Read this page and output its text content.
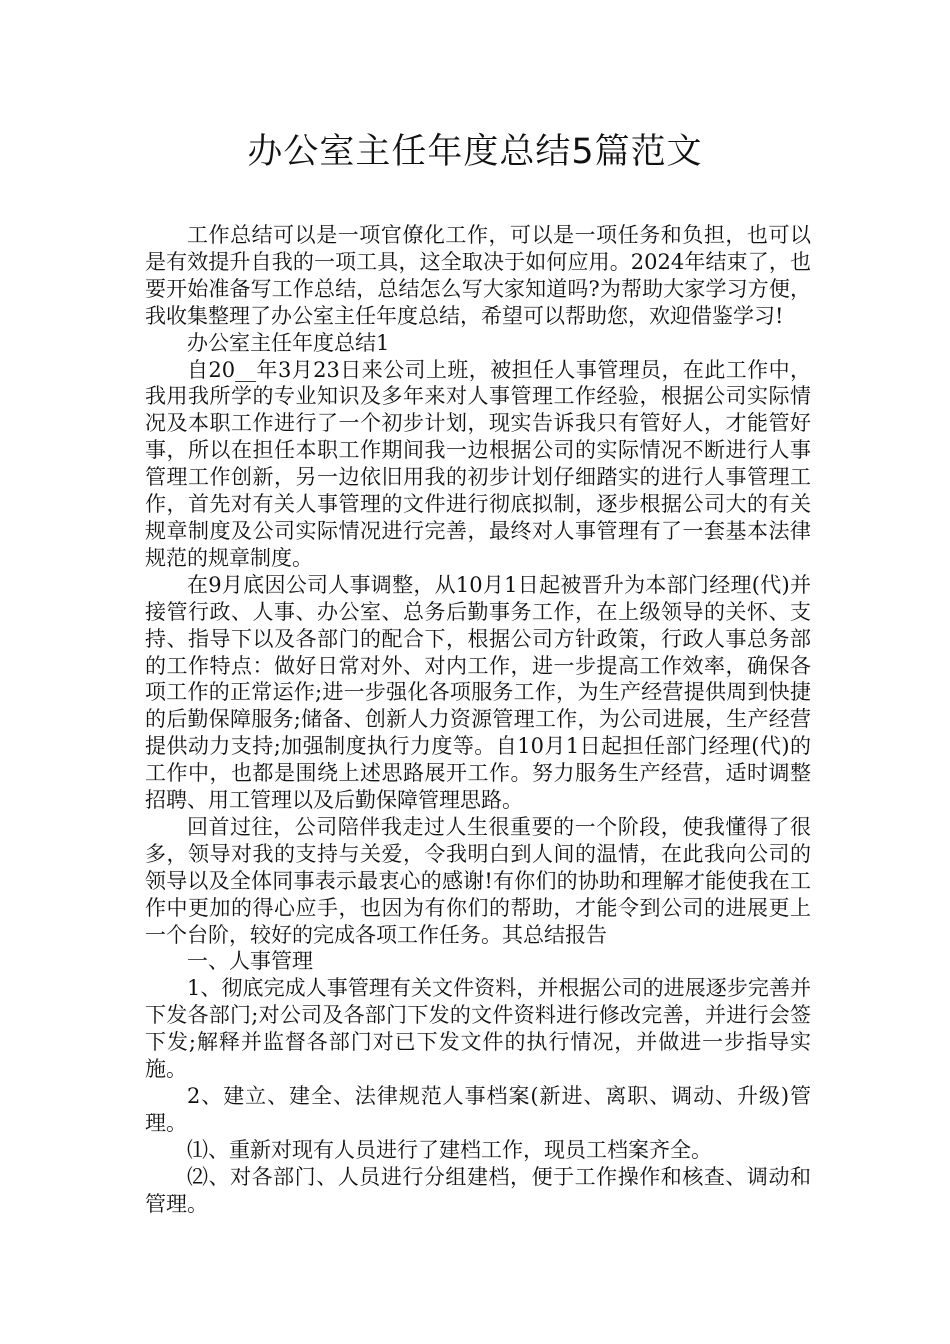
办公室主任年度总结5篇范文

工作总结可以是一项官僚化工作，可以是一项任务和负担，也可以是有效提升自我的一项工具，这全取决于如何应用。2024年结束了，也要开始准备写工作总结，总结怎么写大家知道吗?为帮助大家学习方便，我收集整理了办公室主任年度总结，希望可以帮助您，欢迎借鉴学习!

办公室主任年度总结1

自20__年3月23日来公司上班，被担任人事管理员，在此工作中，我用我所学的专业知识及多年来对人事管理工作经验，根据公司实际情况及本职工作进行了一个初步计划，现实告诉我只有管好人，才能管好事，所以在担任本职工作期间我一边根据公司的实际情况不断进行人事管理工作创新，另一边依旧用我的初步计划仔细踏实的进行人事管理工作，首先对有关人事管理的文件进行彻底拟制，逐步根据公司大的有关规章制度及公司实际情况进行完善，最终对人事管理有了一套基本法律规范的规章制度。

在9月底因公司人事调整，从10月1日起被晋升为本部门经理(代)并接管行政、人事、办公室、总务后勤事务工作，在上级领导的关怀、支持、指导下以及各部门的配合下，根据公司方针政策，行政人事总务部的工作特点：做好日常对外、对内工作，进一步提高工作效率，确保各项工作的正常运作;进一步强化各项服务工作，为生产经营提供周到快捷的后勤保障服务;储备、创新人力资源管理工作，为公司进展，生产经营提供动力支持;加强制度执行力度等。自10月1日起担任部门经理(代)的工作中，也都是围绕上述思路展开工作。努力服务生产经营，适时调整招聘、用工管理以及后勤保障管理思路。

回首过往，公司陪伴我走过人生很重要的一个阶段，使我懂得了很多，领导对我的支持与关爱，令我明白到人间的温情，在此我向公司的领导以及全体同事表示最衷心的感谢!有你们的协助和理解才能使我在工作中更加的得心应手，也因为有你们的帮助，才能令到公司的进展更上一个台阶，较好的完成各项工作任务。其总结报告

一、人事管理

1、彻底完成人事管理有关文件资料，并根据公司的进展逐步完善并下发各部门;对公司及各部门下发的文件资料进行修改完善，并进行会签下发;解释并监督各部门对已下发文件的执行情况，并做进一步指导实施。

2、建立、建全、法律规范人事档案(新进、离职、调动、升级)管理。

⑴、重新对现有人员进行了建档工作，现员工档案齐全。

⑵、对各部门、人员进行分组建档，便于工作操作和核查、调动和管理。
